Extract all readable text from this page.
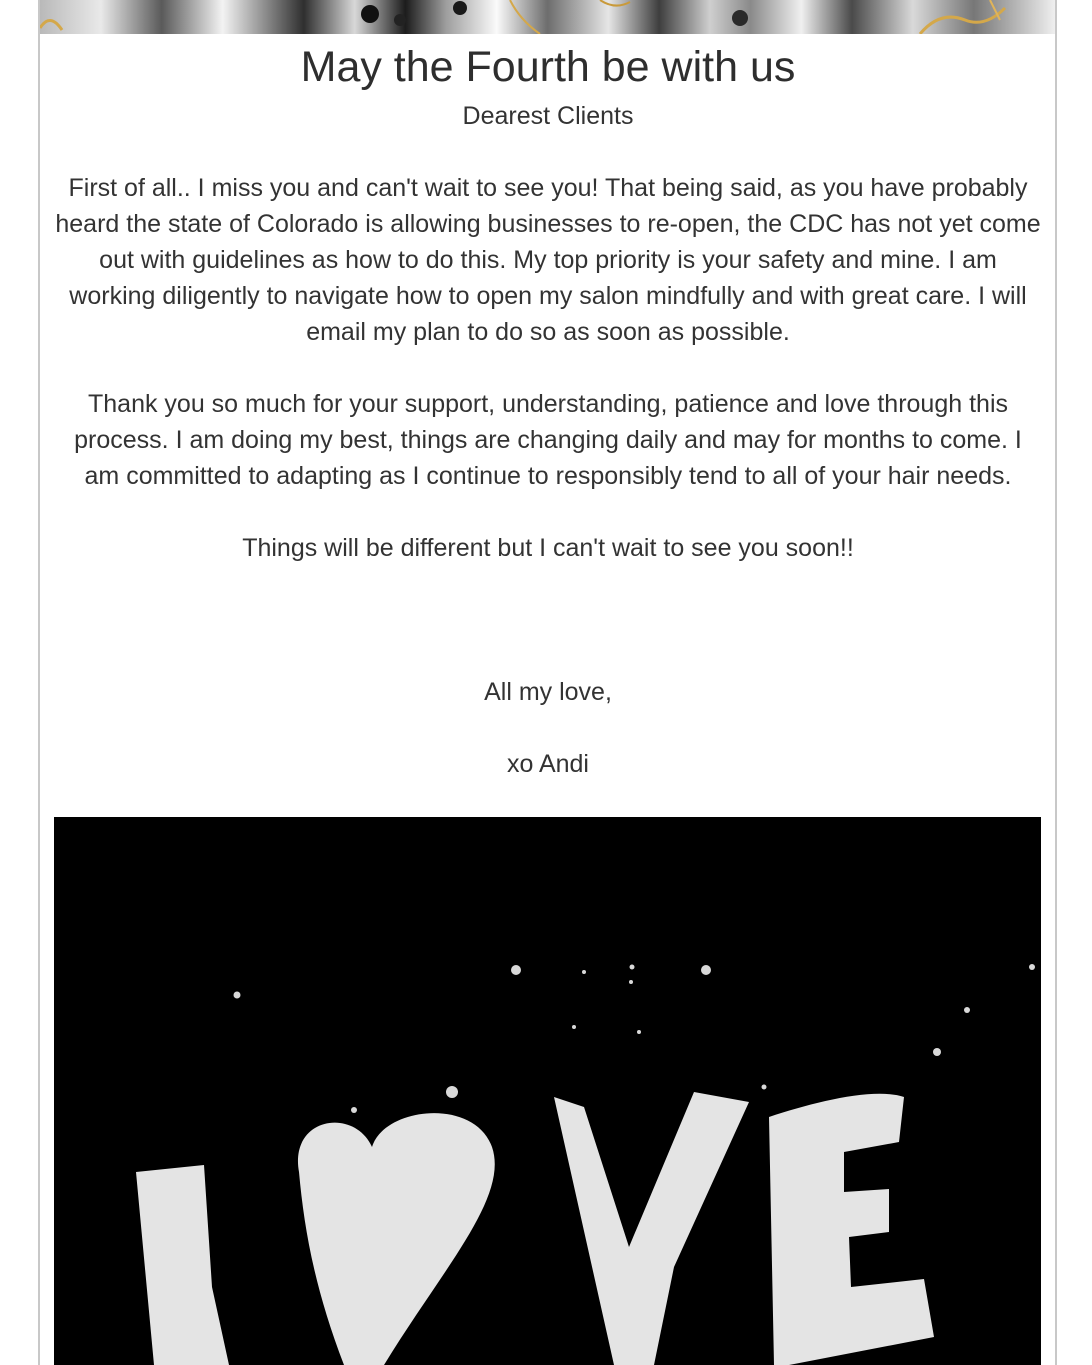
May the Fourth be with us

Dearest Clients

First of all.. I miss you and can't wait to see you! That being said, as you have probably heard the state of Colorado is allowing businesses to re-open, the CDC has not yet come out with guidelines as how to do this. My top priority is your safety and mine. I am working diligently to navigate how to open my salon mindfully and with great care. I will email my plan to do so as soon as possible.

Thank you so much for your support, understanding, patience and love through this process. I am doing my best, things are changing daily and may for months to come. I am committed to adapting as I continue to responsibly tend to all of your hair needs.

Things will be different but I can't wait to see you soon!!

All my love,

xo Andi
